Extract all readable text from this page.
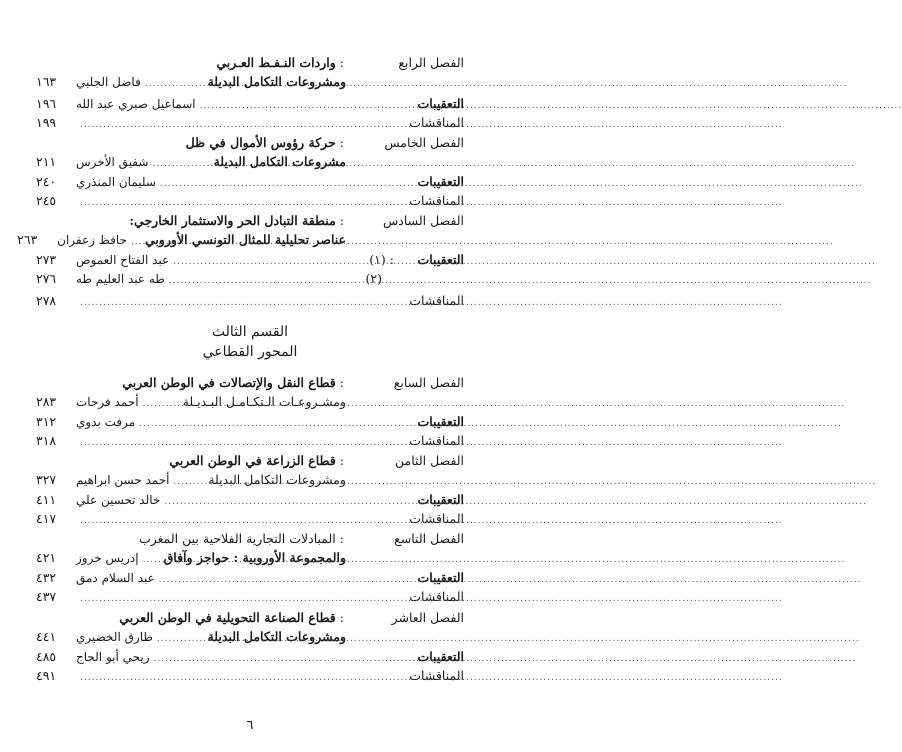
الفصل الرابع
:
واردات النـفـط العـربي
ومشروعات التكامل البديلة
.....
فاضل الجلبي
١٦٣
التعقيبات
.....
اسماعيل صبري عبد الله
١٩٦
المناقشات
.....
١٩٩
الفصل الخامس
:
حركة رؤوس الأموال في ظل
مشروعات التكامل البديلة
.....
شفيق الأخرس
٢١١
التعقيبات
.....
سليمان المنذري
٢٤٠
المناقشات
.....
٢٤٥
الفصل السادس
:
منطقة التبادل الحر والاستثمار الخارجي:
عناصر تحليلية للمثال التونسي الأوروبي
.....
حافظ زعفران
٢٦٣
التعقيبات
:
(١)
.....
عبد الفتاح العموص
٢٧٣
(٢)
.....
طه عبد العليم طه
٢٧٦
المناقشات
.....
٢٧٨
القسم الثالث
المحور القطاعي
الفصل السابع
:
قطاع النقل والإتصالات في الوطن العربي
ومشـروعـات الـتكـامـل البـديـلة
.....
أحمد فرحات
٢٨٣
التعقيبات
.....
مرفت بدوي
٣١٢
المناقشات
.....
٣١٨
الفصل الثامن
:
قطاع الزراعة في الوطن العربي
ومشروعات التكامل البديلة
.....
أحمد حسن ابراهيم
٣٢٧
التعقيبات
.....
خالد تحسين علي
٤١١
المناقشات
.....
٤١٧
الفصل التاسع
:
المبادلات التجارية الفلاحية بين المغرب
والمجموعة الأوروبية : حواجز وآفاق
.....
إدريس خروز
٤٢١
التعقيبات
.....
عبد السلام دمق
٤٣٢
المناقشات
.....
٤٣٧
الفصل العاشر
:
قطاع الصناعة التحويلية في الوطن العربي
ومشروعات التكامل البديلة
.....
طارق الخضيري
٤٤١
التعقيبات
.....
ريحي أبو الحاج
٤٨٥
المناقشات
.....
٤٩١
٦
